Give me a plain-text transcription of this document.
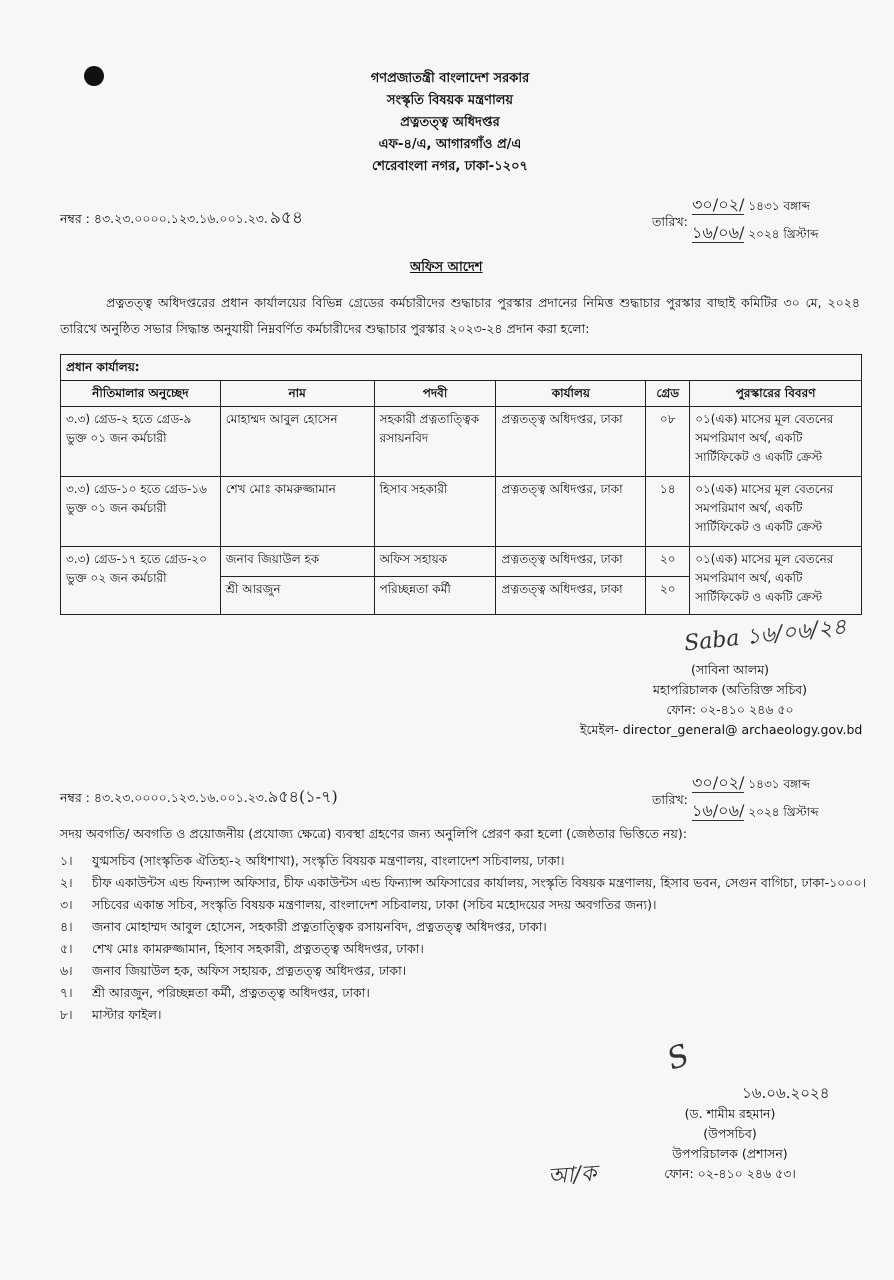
গণপ্রজাতন্ত্রী বাংলাদেশ সরকার
সংস্কৃতি বিষয়ক মন্ত্রণালয়
প্রত্নতত্ত্ব অধিদপ্তর
এফ-৪/এ, আগারগাঁও প্র/এ
শেরেবাংলা নগর, ঢাকা-১২০৭
নম্বর : ৪৩.২৩.০০০০.১২৩.১৬.০০১.২৩. ৯৫৪	তারিখ:
৩০/০২/ ১৪৩১ বঙ্গাব্দ
১৬/০৬/ ২০২৪ খ্রিস্টাব্দ
অফিস আদেশ
প্রত্নতত্ত্ব অধিদপ্তরের প্রধান কার্যালয়ের বিভিন্ন গ্রেডের কর্মচারীদের শুদ্ধাচার পুরস্কার প্রদানের নিমিত্ত শুদ্ধাচার পুরস্কার বাছাই কমিটির ৩০ মে, ২০২৪ তারিখে অনুষ্ঠিত সভার সিদ্ধান্ত অনুযায়ী নিম্নবর্ণিত কর্মচারীদের শুদ্ধাচার পুরস্কার ২০২৩-২৪ প্রদান করা হলো:
প্রধান কার্যালয়:					
নীতিমালার অনুচ্ছেদ	নাম	পদবী	কার্যালয়	গ্রেড	পুরস্কারের বিবরণ
৩.৩) গ্রেড-২ হতে গ্রেড-৯ ভুক্ত ০১ জন কর্মচারী	মোহাম্মদ আবুল হোসেন	সহকারী প্রত্নতাত্ত্বিক রসায়নবিদ	প্রত্নতত্ত্ব অধিদপ্তর, ঢাকা	০৮	০১(এক) মাসের মূল বেতনের সমপরিমাণ অর্থ, একটি সার্টিফিকেট ও একটি ক্রেস্ট
৩.৩) গ্রেড-১০ হতে গ্রেড-১৬ ভুক্ত ০১ জন কর্মচারী	শেখ মোঃ কামরুজ্জামান	হিসাব সহকারী	প্রত্নতত্ত্ব অধিদপ্তর, ঢাকা	১৪	০১(এক) মাসের মূল বেতনের সমপরিমাণ অর্থ, একটি সার্টিফিকেট ও একটি ক্রেস্ট
৩.৩) গ্রেড-১৭ হতে গ্রেড-২০ ভুক্ত ০২ জন কর্মচারী	জনাব জিয়াউল হক	অফিস সহায়ক	প্রত্নতত্ত্ব অধিদপ্তর, ঢাকা	২০	০১(এক) মাসের মূল বেতনের সমপরিমাণ অর্থ, একটি সার্টিফিকেট ও একটি ক্রেস্ট
	শ্রী আরজুন	পরিচ্ছন্নতা কর্মী	প্রত্নতত্ত্ব অধিদপ্তর, ঢাকা	২০	
Saba ১৬/০৬/২৪
(সাবিনা আলম)
মহাপরিচালক (অতিরিক্ত সচিব)
ফোন: ০২-৪১০ ২৪৬ ৫০
ইমেইল- director_general@ archaeology.gov.bd
নম্বর : ৪৩.২৩.০০০০.১২৩.১৬.০০১.২৩.৯৫৪(১-৭)	তারিখ:
৩০/০২/ ১৪৩১ বঙ্গাব্দ
১৬/০৬/ ২০২৪ খ্রিস্টাব্দ
সদয় অবগতি/ অবগতি ও প্রয়োজনীয় (প্রযোজ্য ক্ষেত্রে) ব্যবস্থা গ্রহণের জন্য অনুলিপি প্রেরণ করা হলো (জেষ্ঠতার ভিত্তিতে নয়):
১।	যুগ্মসচিব (সাংস্কৃতিক ঐতিহ্য-২ অধিশাখা), সংস্কৃতি বিষয়ক মন্ত্রণালয়, বাংলাদেশ সচিবালয়, ঢাকা।
২।	চীফ একাউন্টস এন্ড ফিন্যান্স অফিসার, চীফ একাউন্টস এন্ড ফিন্যান্স অফিসারের কার্যালয়, সংস্কৃতি বিষয়ক মন্ত্রণালয়, হিসাব ভবন, সেগুন বাগিচা, ঢাকা-১০০০।
৩।	সচিবের একান্ত সচিব, সংস্কৃতি বিষয়ক মন্ত্রণালয়, বাংলাদেশ সচিবালয়, ঢাকা (সচিব মহোদয়ের সদয় অবগতির জন্য)।
৪।	জনাব মোহাম্মদ আবুল হোসেন, সহকারী প্রত্নতাত্ত্বিক রসায়নবিদ, প্রত্নতত্ত্ব অধিদপ্তর, ঢাকা।
৫।	শেখ মোঃ কামরুজ্জামান, হিসাব সহকারী, প্রত্নতত্ত্ব অধিদপ্তর, ঢাকা।
৬।	জনাব জিয়াউল হক, অফিস সহায়ক, প্রত্নতত্ত্ব অধিদপ্তর, ঢাকা।
৭।	শ্রী আরজুন, পরিচ্ছন্নতা কর্মী, প্রত্নতত্ত্ব অধিদপ্তর, ঢাকা।
৮।	মাস্টার ফাইল।
S
১৬.০৬.২০২৪
(ড. শামীম রহমান)
(উপসচিব)
উপপরিচালক (প্রশাসন)
ফোন: ০২-৪১০ ২৪৬ ৫৩।
আ/ক
